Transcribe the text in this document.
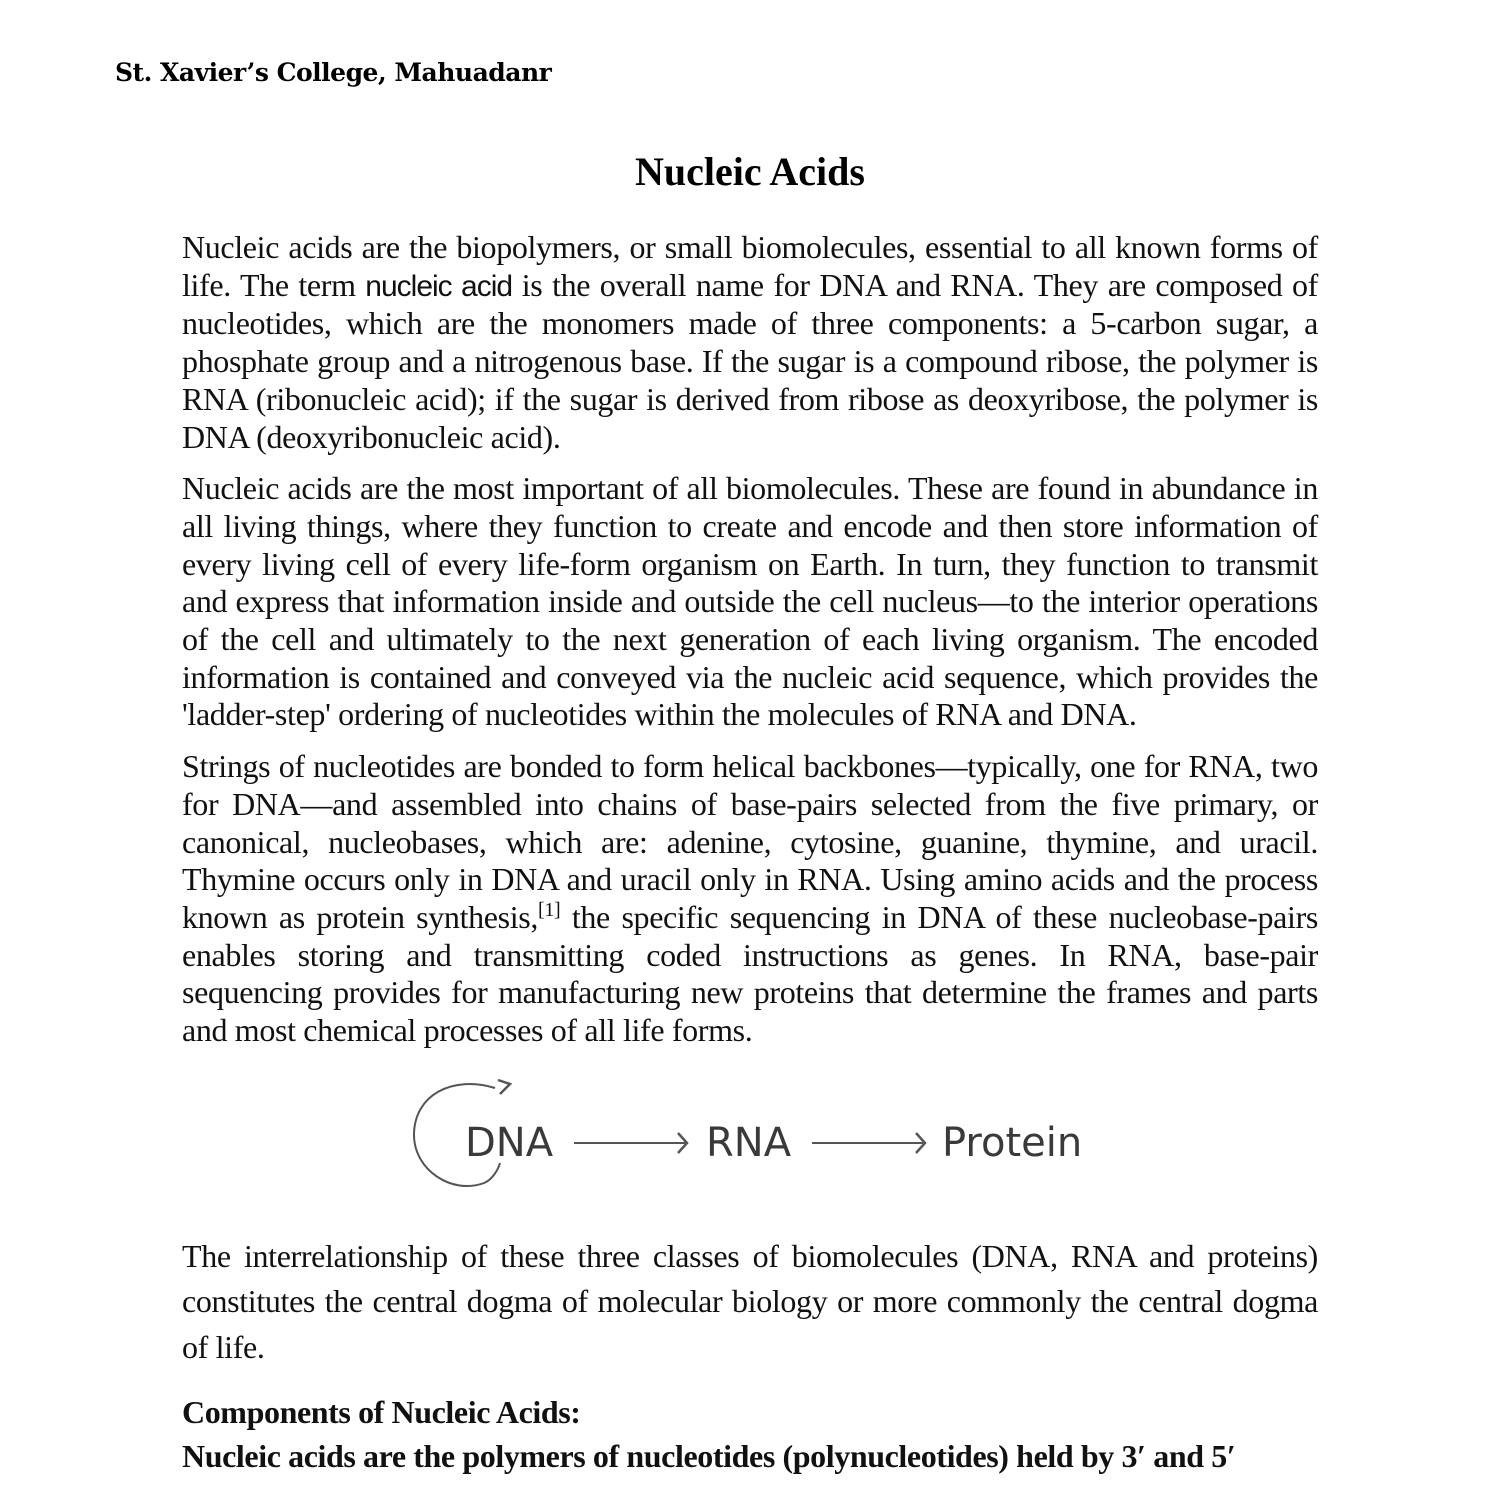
St. Xavier’s College, Mahuadanr
Nucleic Acids

Nucleic acids are the biopolymers, or small biomolecules, essential to all known forms of life. The term nucleic acid is the overall name for DNA and RNA. They are composed of nucleotides, which are the monomers made of three components: a 5-carbon sugar, a phosphate group and a nitrogenous base. If the sugar is a compound ribose, the polymer is RNA (ribonucleic acid); if the sugar is derived from ribose as deoxyribose, the polymer is DNA (deoxyribonucleic acid).

Nucleic acids are the most important of all biomolecules. These are found in abundance in all living things, where they function to create and encode and then store information of every living cell of every life-form organism on Earth. In turn, they function to transmit and express that information inside and outside the cell nucleus—to the interior operations of the cell and ultimately to the next generation of each living organism. The encoded information is contained and conveyed via the nucleic acid sequence, which provides the 'ladder-step' ordering of nucleotides within the molecules of RNA and DNA.

Strings of nucleotides are bonded to form helical backbones—typically, one for RNA, two for DNA—and assembled into chains of base-pairs selected from the five primary, or canonical, nucleobases, which are: adenine, cytosine, guanine, thymine, and uracil. Thymine occurs only in DNA and uracil only in RNA. Using amino acids and the process known as protein synthesis,[1] the specific sequencing in DNA of these nucleobase-pairs enables storing and transmitting coded instructions as genes. In RNA, base-pair sequencing provides for manufacturing new proteins that determine the frames and parts and most chemical processes of all life forms.

DNA	RNA	Protein

The interrelationship of these three classes of biomolecules (DNA, RNA and proteins) constitutes the central dogma of molecular biology or more commonly the central dogma of life.

Components of Nucleic Acids:

Nucleic acids are the polymers of nucleotides (polynucleotides) held by 3′ and 5′
